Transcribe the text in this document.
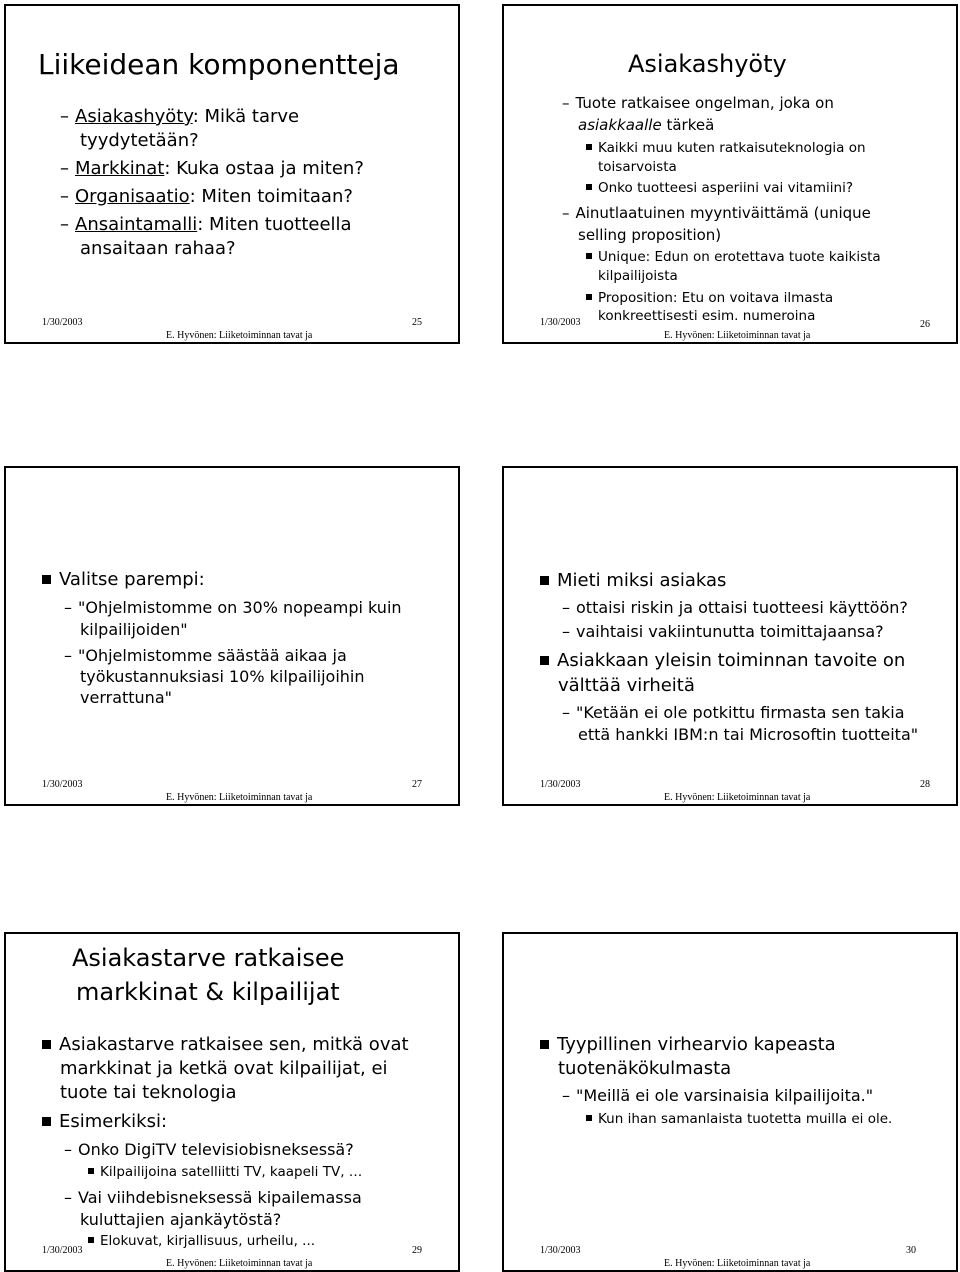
Liikeidean komponentteja
– Asiakashyöty: Mikä tarve
tyydytetään?
– Markkinat: Kuka ostaa ja miten?
– Organisaatio: Miten toimitaan?
– Ansaintamalli: Miten tuotteella
ansaitaan rahaa?
1/30/2003
E. Hyvönen: Liiketoiminnan tavat ja
25
Asiakashyöty
– Tuote ratkaisee ongelman, joka on
asiakkaalle tärkeä
Kaikki muu kuten ratkaisuteknologia on
toisarvoista
Onko tuotteesi asperiini vai vitamiini?
– Ainutlaatuinen myyntiväittämä (unique
selling proposition)
Unique: Edun on erotettava tuote kaikista
kilpailijoista
Proposition: Etu on voitava ilmasta
konkreettisesti esim. numeroina
1/30/2003
E. Hyvönen: Liiketoiminnan tavat ja
26
Valitse parempi:
– "Ohjelmistomme on 30% nopeampi kuin
kilpailijoiden"
– "Ohjelmistomme säästää aikaa ja
työkustannuksiasi 10% kilpailijoihin
verrattuna"
1/30/2003
E. Hyvönen: Liiketoiminnan tavat ja
27
Mieti miksi asiakas
– ottaisi riskin ja ottaisi tuotteesi käyttöön?
– vaihtaisi vakiintunutta toimittajaansa?
Asiakkaan yleisin toiminnan tavoite on
välttää virheitä
– "Ketään ei ole potkittu firmasta sen takia
että hankki IBM:n tai Microsoftin tuotteita"
1/30/2003
E. Hyvönen: Liiketoiminnan tavat ja
28
Asiakastarve ratkaisee
markkinat & kilpailijat
Asiakastarve ratkaisee sen, mitkä ovat
markkinat ja ketkä ovat kilpailijat, ei
tuote tai teknologia
Esimerkiksi:
– Onko DigiTV televisiobisneksessä?
Kilpailijoina satelliitti TV, kaapeli TV, …
– Vai viihdebisneksessä kipailemassa
kuluttajien ajankäytöstä?
Elokuvat, kirjallisuus, urheilu, ...
1/30/2003
E. Hyvönen: Liiketoiminnan tavat ja
29
Tyypillinen virhearvio kapeasta
tuotenäkökulmasta
– "Meillä ei ole varsinaisia kilpailijoita."
Kun ihan samanlaista tuotetta muilla ei ole.
1/30/2003
E. Hyvönen: Liiketoiminnan tavat ja
30
